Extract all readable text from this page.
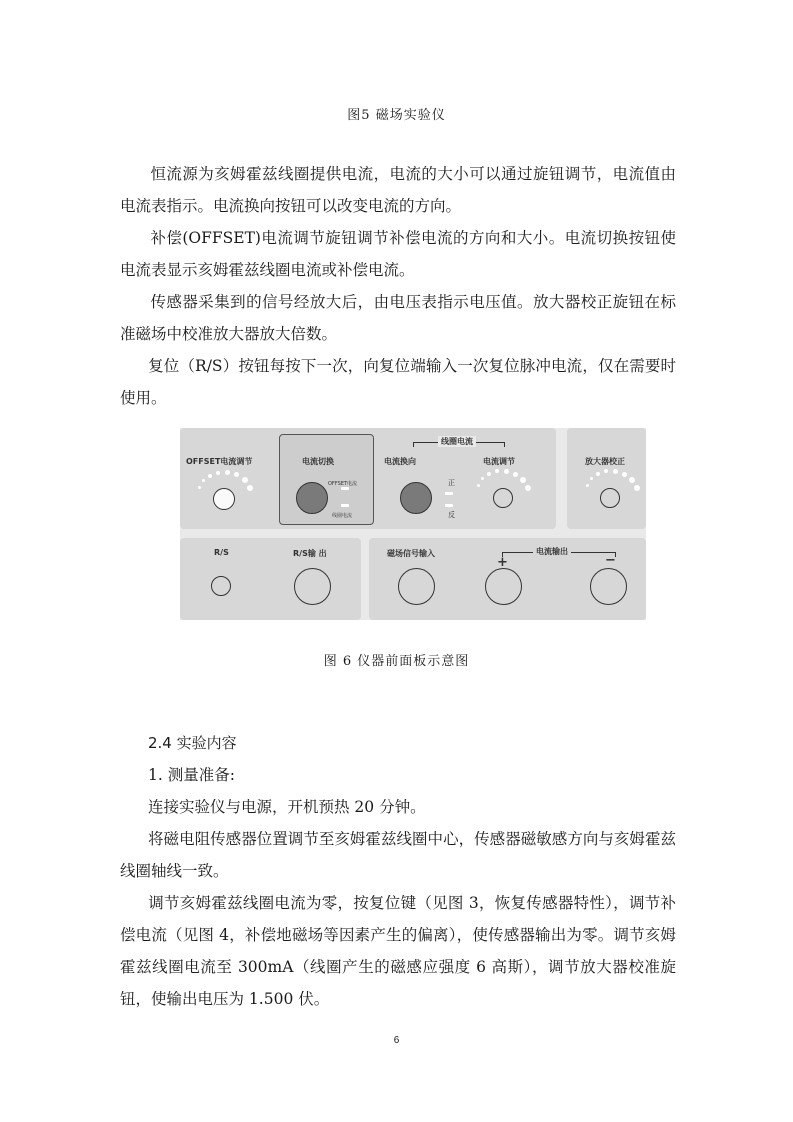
图5 磁场实验仪
恒流源为亥姆霍兹线圈提供电流，电流的大小可以通过旋钮调节，电流值由电流表指示。电流换向按钮可以改变电流的方向。
补偿(OFFSET)电流调节旋钮调节补偿电流的方向和大小。电流切换按钮使电流表显示亥姆霍兹线圈电流或补偿电流。
传感器采集到的信号经放大后，由电压表指示电压值。放大器校正旋钮在标准磁场中校准放大器放大倍数。
复位（R/S）按钮每按下一次，向复位端输入一次复位脉冲电流，仅在需要时使用。
OFFSET电流调节	电流切换
OFFSET电流
线圈电流
线圈电流
电流换向
正
反
电流调节	放大器校正
R/S	R/S输 出	磁场信号输入	电流输出
+	−
图 6 仪器前面板示意图
2.4 实验内容
1. 测量准备:
连接实验仪与电源，开机预热 20 分钟。
将磁电阻传感器位置调节至亥姆霍兹线圈中心，传感器磁敏感方向与亥姆霍兹线圈轴线一致。
调节亥姆霍兹线圈电流为零，按复位键（见图 3，恢复传感器特性），调节补偿电流（见图 4，补偿地磁场等因素产生的偏离），使传感器输出为零。调节亥姆霍兹线圈电流至 300mA（线圈产生的磁感应强度 6 高斯），调节放大器校准旋钮，使输出电压为 1.500 伏。
6
